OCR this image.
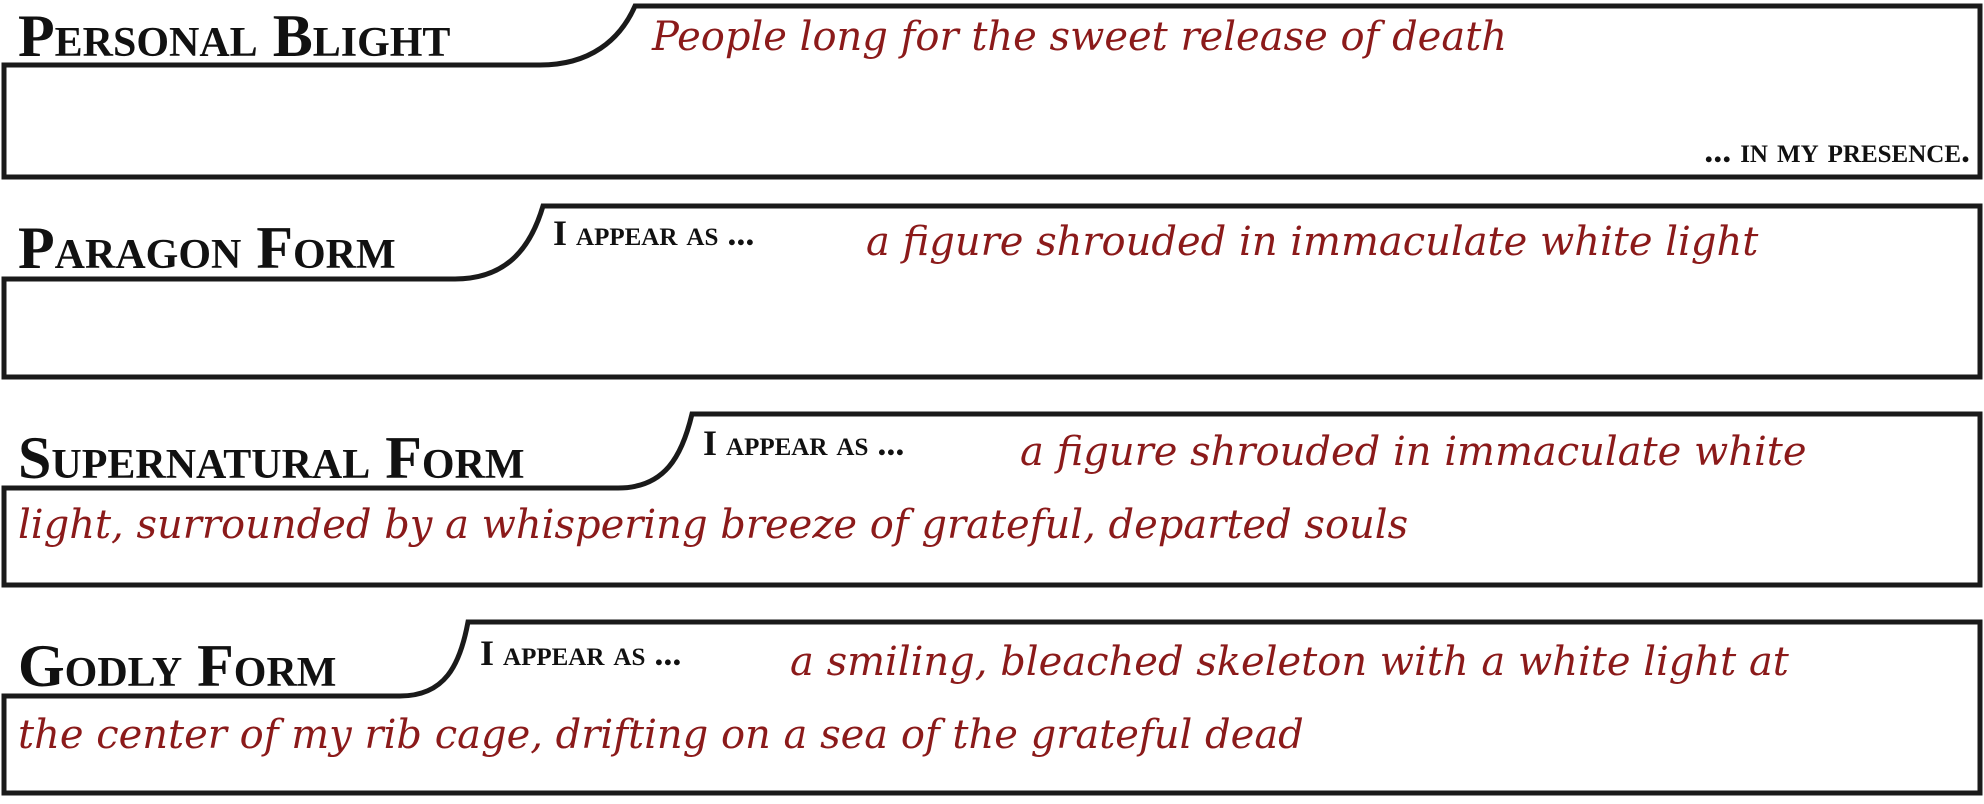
Personal Blight	People long for the sweet release of death
... in my presence.
Paragon Form	I appear as ...	a figure shrouded in immaculate white light
Supernatural Form	I appear as ...	a figure shrouded in immaculate white
light, surrounded by a whispering breeze of grateful, departed souls
Godly Form	I appear as ...	a smiling, bleached skeleton with a white light at
the center of my rib cage, drifting on a sea of the grateful dead
